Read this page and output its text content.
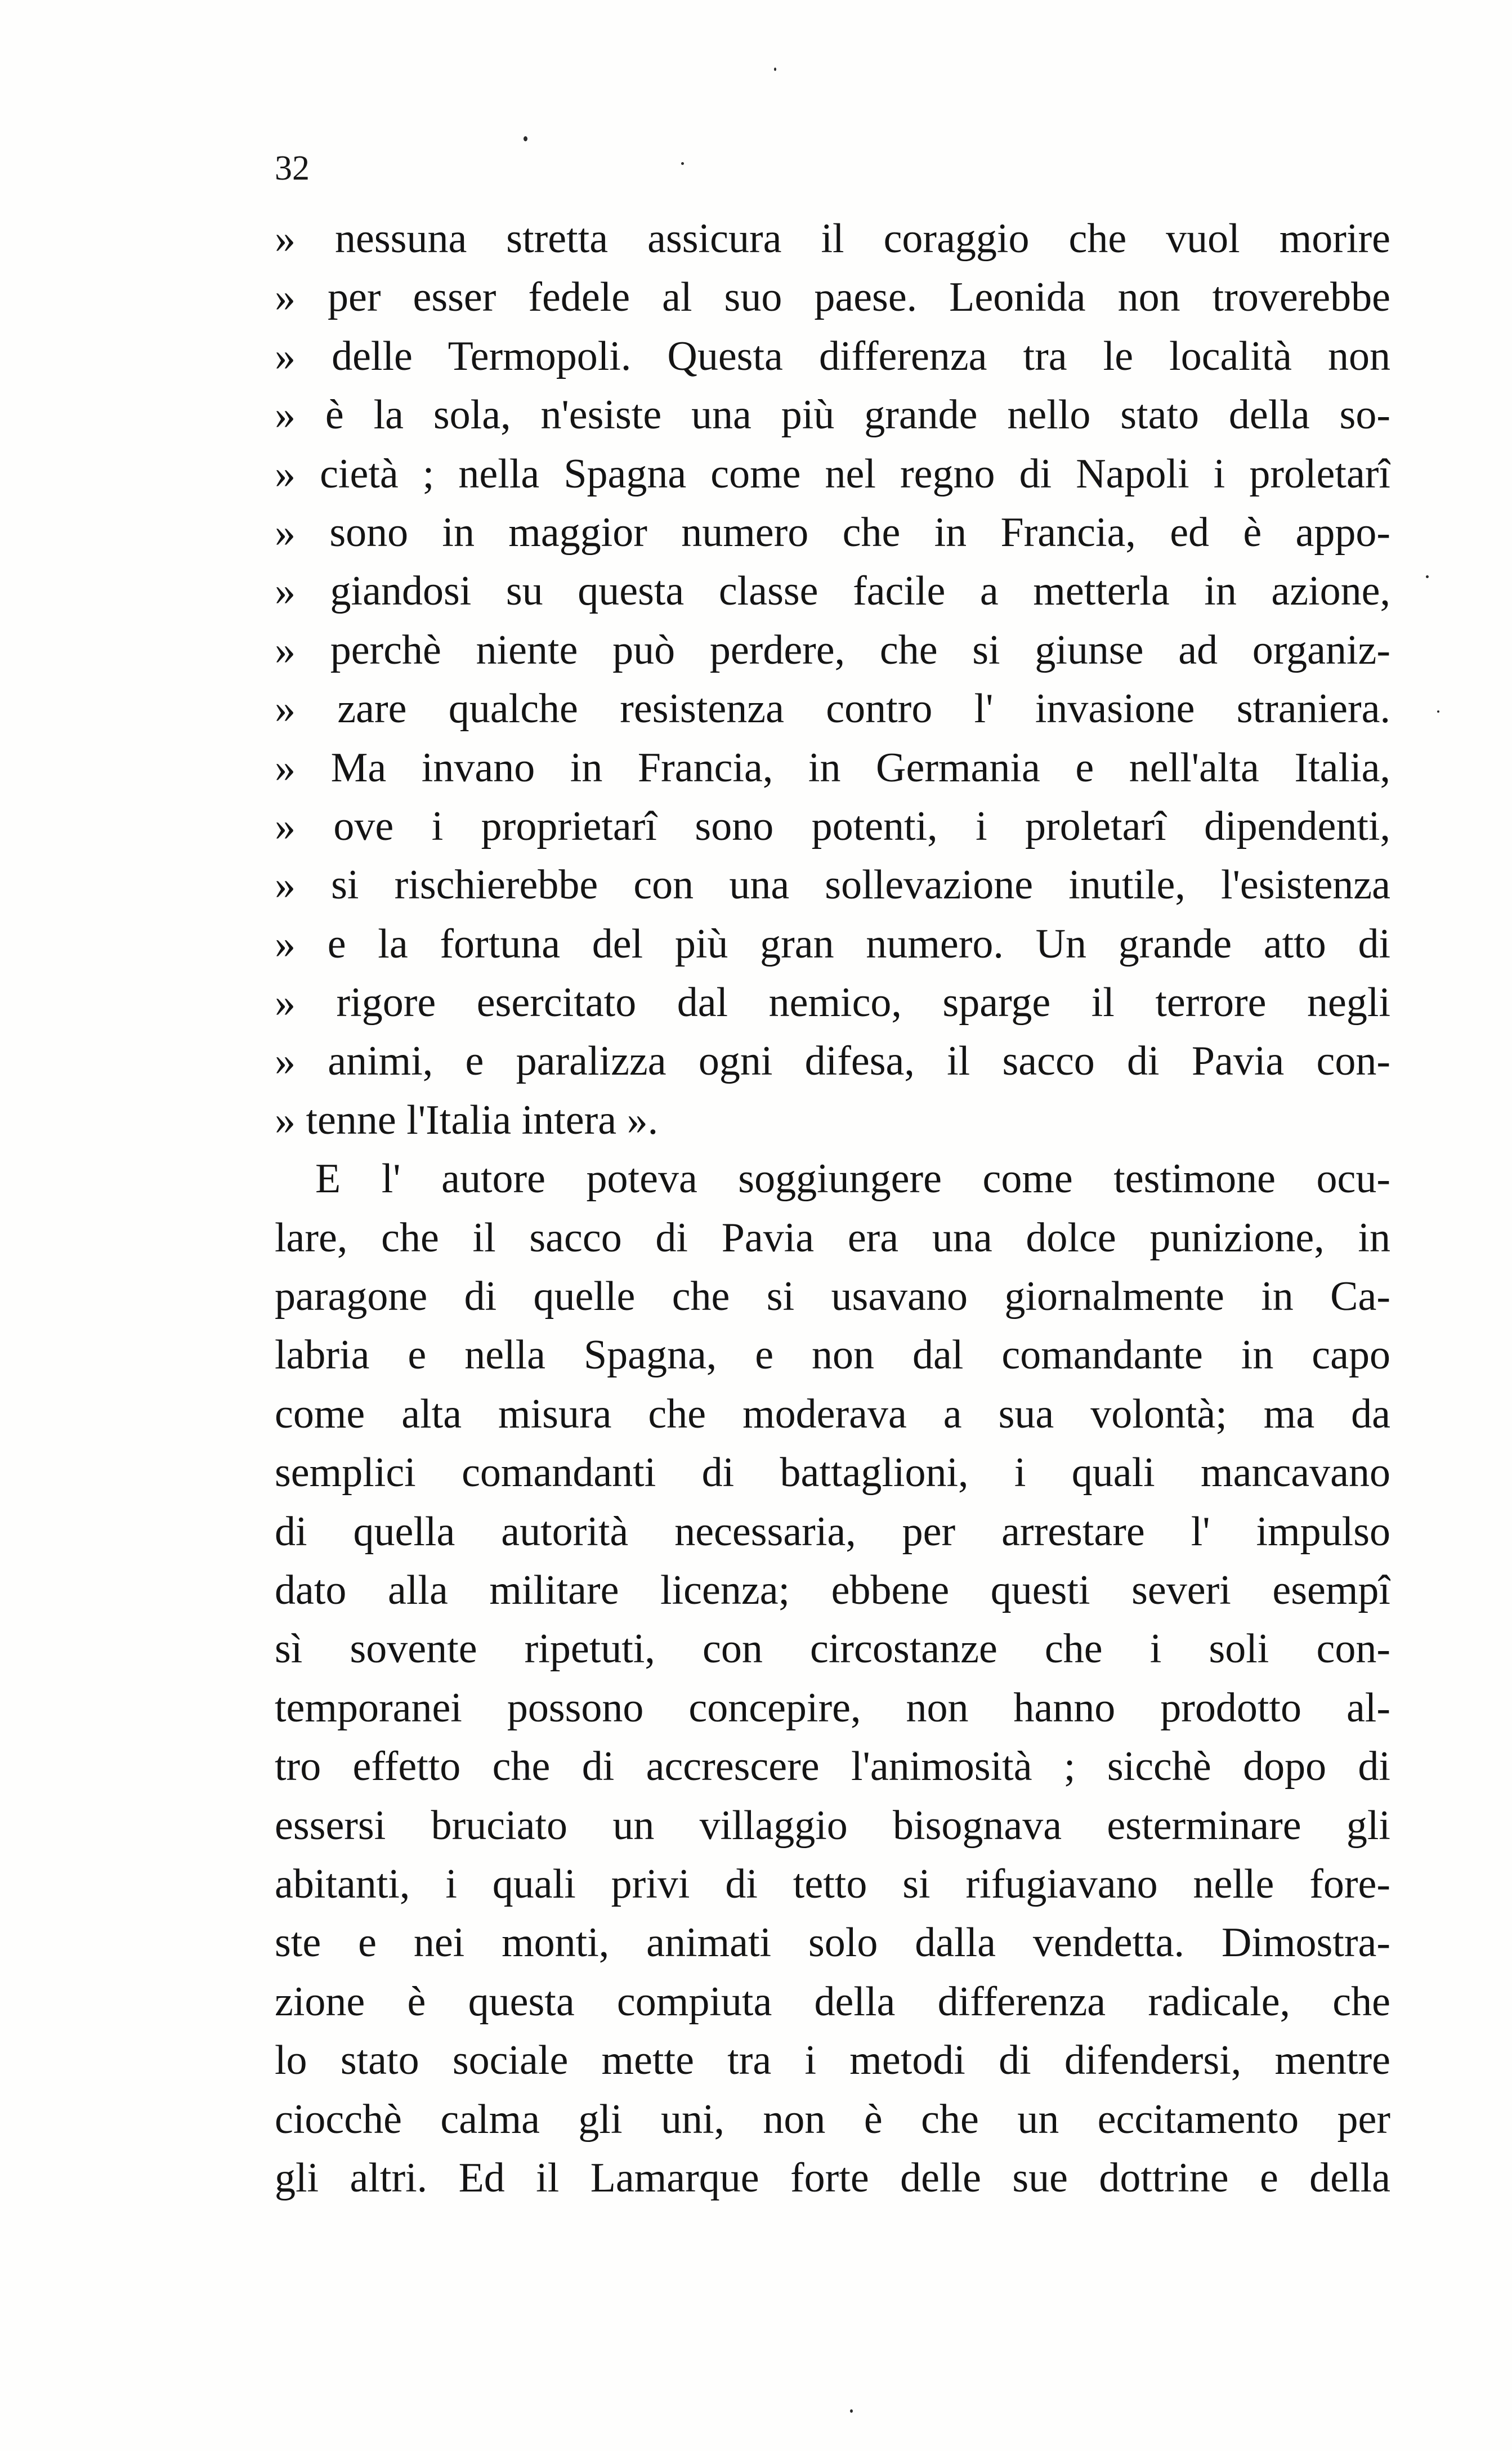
32
» nessuna stretta assicura il coraggio che vuol morire
» per esser fedele al suo paese. Leonida non troverebbe
» delle Termopoli. Questa differenza tra le località non
» è la sola, n'esiste una più grande nello stato della so-
» cietà ; nella Spagna come nel regno di Napoli i proletarî
» sono in maggior numero che in Francia, ed è appo-
» giandosi su questa classe facile a metterla in azione,
» perchè niente può perdere, che si giunse ad organiz-
» zare qualche resistenza contro l' invasione straniera.
» Ma invano in Francia, in Germania e nell'alta Italia,
» ove i proprietarî sono potenti, i proletarî dipendenti,
» si rischierebbe con una sollevazione inutile, l'esistenza
» e la fortuna del più gran numero. Un grande atto di
» rigore esercitato dal nemico, sparge il terrore negli
» animi, e paralizza ogni difesa, il sacco di Pavia con-
» tenne l'Italia intera ».
E l' autore poteva soggiungere come testimone ocu-
lare, che il sacco di Pavia era una dolce punizione, in
paragone di quelle che si usavano giornalmente in Ca-
labria e nella Spagna, e non dal comandante in capo
come alta misura che moderava a sua volontà; ma da
semplici comandanti di battaglioni, i quali mancavano
di quella autorità necessaria, per arrestare l' impulso
dato alla militare licenza; ebbene questi severi esempî
sì sovente ripetuti, con circostanze che i soli con-
temporanei possono concepire, non hanno prodotto al-
tro effetto che di accrescere l'animosità ; sicchè dopo di
essersi bruciato un villaggio bisognava esterminare gli
abitanti, i quali privi di tetto si rifugiavano nelle fore-
ste e nei monti, animati solo dalla vendetta. Dimostra-
zione è questa compiuta della differenza radicale, che
lo stato sociale mette tra i metodi di difendersi, mentre
ciocchè calma gli uni, non è che un eccitamento per
gli altri. Ed il Lamarque forte delle sue dottrine e della
